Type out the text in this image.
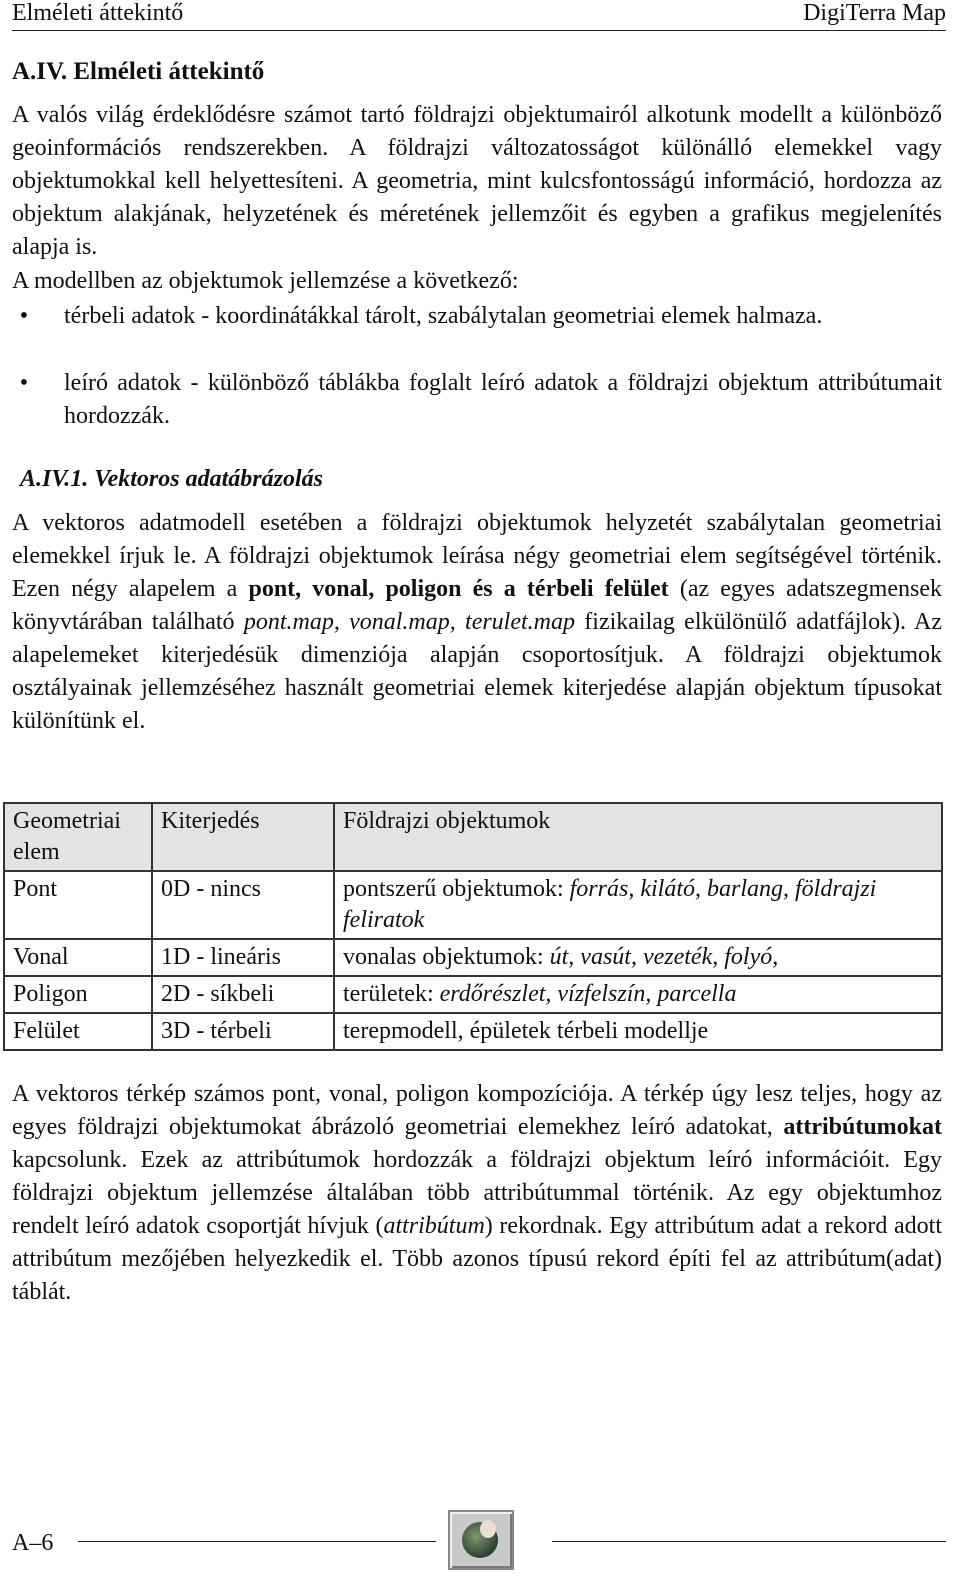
Elméleti áttekintő	DigiTerra Map
A.IV. Elméleti áttekintő

A valós világ érdeklődésre számot tartó földrajzi objektumairól alkotunk modellt a különböző geoinformációs rendszerekben. A földrajzi változatosságot különálló elemekkel vagy objektumokkal kell helyettesíteni. A geometria, mint kulcsfontosságú információ, hordozza az objektum alakjának, helyzetének és méretének jellemzőit és egyben a grafikus megjelenítés alapja is.

A modellben az objektumok jellemzése a következő:

•	térbeli adatok - koordinátákkal tárolt, szabálytalan geometriai elemek halmaza.
•	leíró adatok - különböző táblákba foglalt leíró adatok a földrajzi objektum attribútumait hordozzák.
A.IV.1. Vektoros adatábrázolás

A vektoros adatmodell esetében a földrajzi objektumok helyzetét szabálytalan geometriai elemekkel írjuk le. A földrajzi objektumok leírása négy geometriai elem segítségével történik. Ezen négy alapelem a pont, vonal, poligon és a térbeli felület (az egyes adatszegmensek könyvtárában található pont.map, vonal.map, terulet.map fizikailag elkülönülő adatfájlok). Az alapelemeket kiterjedésük dimenziója alapján csoportosítjuk. A földrajzi objektumok osztályainak jellemzéséhez használt geometriai elemek kiterjedése alapján objektum típusokat különítünk el.

Geometriai elem	Kiterjedés	Földrajzi objektumok
Pont	0D - nincs	pontszerű objektumok: forrás, kilátó, barlang, földrajzi feliratok
Vonal	1D - lineáris	vonalas objektumok: út, vasút, vezeték, folyó,
Poligon	2D - síkbeli	területek: erdőrészlet, vízfelszín, parcella
Felület	3D - térbeli	terepmodell, épületek térbeli modellje

A vektoros térkép számos pont, vonal, poligon kompozíciója. A térkép úgy lesz teljes, hogy az egyes földrajzi objektumokat ábrázoló geometriai elemekhez leíró adatokat, attribútumokat kapcsolunk. Ezek az attribútumok hordozzák a földrajzi objektum leíró információit. Egy földrajzi objektum jellemzése általában több attribútummal történik. Az egy objektumhoz rendelt leíró adatok csoportját hívjuk (attribútum) rekordnak. Egy attribútum adat a rekord adott attribútum mezőjében helyezkedik el. Több azonos típusú rekord építi fel az attribútum(adat) táblát.

A–6
